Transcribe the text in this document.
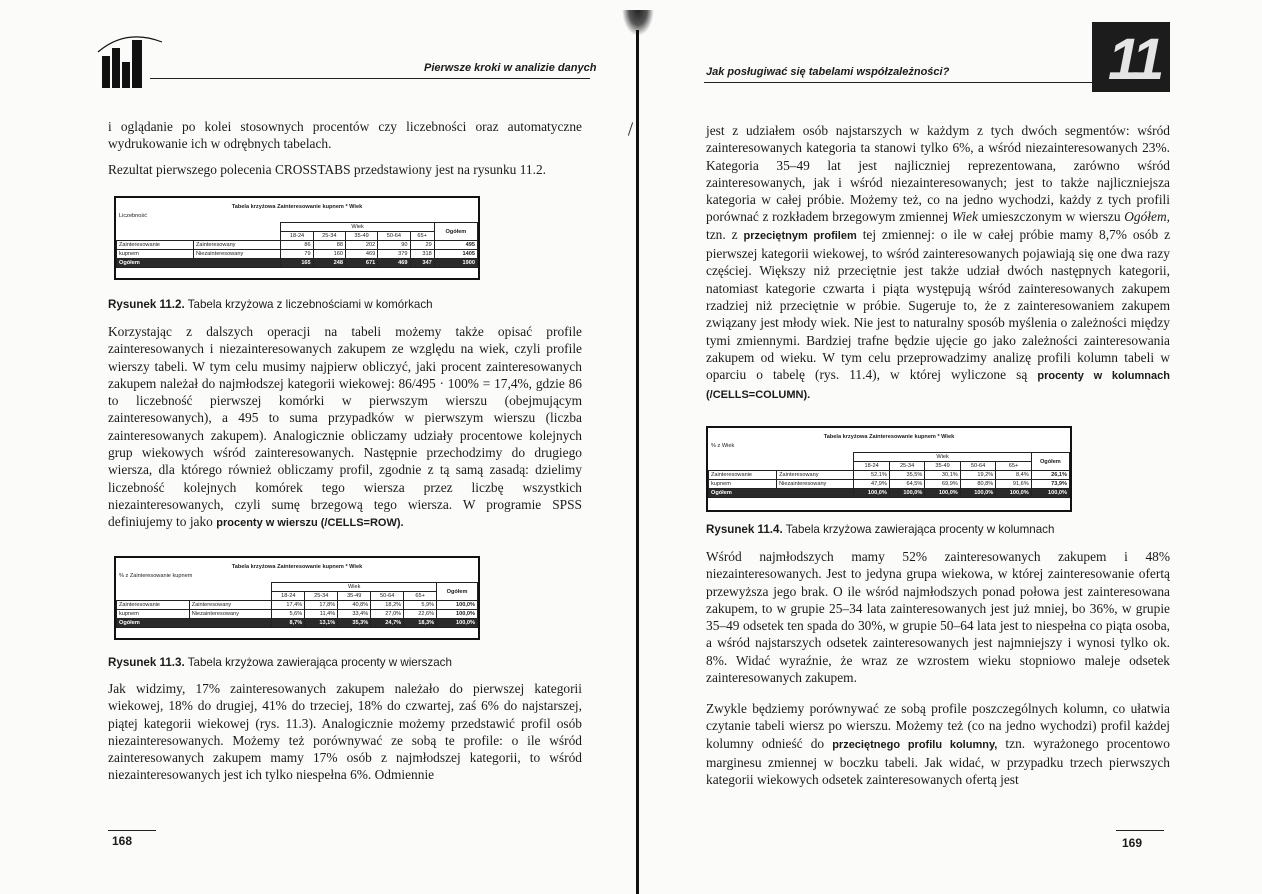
Pierwsze kroki w analizie danych

i oglądanie po kolei stosownych procentów czy liczebności oraz automatyczne wydrukowanie ich w odrębnych tabelach.

Rezultat pierwszego polecenia CROSSTABS przedstawiony jest na rysunku 11.2.

Tabela krzyżowa Zainteresowanie kupnem * Wiek
Liczebność
		Wiek					Ogółem
		18-24	25-34	35-49	50-64	65+	
Zainteresowanie	Zainteresowany	86	88	202	90	29	495
kupnem	Niezainteresowany	79	160	469	379	318	1405
Ogółem		165	248	671	469	347	1900

Rysunek 11.2. Tabela krzyżowa z liczebnościami w komórkach

Korzystając z dalszych operacji na tabeli możemy także opisać profile zainteresowanych i niezainteresowanych zakupem ze względu na wiek, czyli profile wierszy tabeli. W tym celu musimy najpierw obliczyć, jaki procent zainteresowanych zakupem należał do najmłodszej kategorii wiekowej: 86/495 · 100% = 17,4%, gdzie 86 to liczebność pierwszej komórki w pierwszym wierszu (obejmującym zainteresowanych), a 495 to suma przypadków w pierwszym wierszu (liczba zainteresowanych zakupem). Analogicznie obliczamy udziały procentowe kolejnych grup wiekowych wśród zainteresowanych. Następnie przechodzimy do drugiego wiersza, dla którego również obliczamy profil, zgodnie z tą samą zasadą: dzielimy liczebność kolejnych komórek tego wiersza przez liczbę wszystkich niezainteresowanych, czyli sumę brzegową tego wiersza. W programie SPSS definiujemy to jako procenty w wierszu (/CELLS=ROW).

Tabela krzyżowa Zainteresowanie kupnem * Wiek
% z Zainteresowanie kupnem
		Wiek					Ogółem
		18-24	25-34	35-49	50-64	65+	
Zainteresowanie	Zainteresowany	17,4%	17,8%	40,8%	18,2%	5,9%	100,0%
kupnem	Niezainteresowany	5,6%	11,4%	33,4%	27,0%	22,6%	100,0%
Ogółem		8,7%	13,1%	35,3%	24,7%	18,3%	100,0%

Rysunek 11.3. Tabela krzyżowa zawierająca procenty w wierszach

Jak widzimy, 17% zainteresowanych zakupem należało do pierwszej kategorii wiekowej, 18% do drugiej, 41% do trzeciej, 18% do czwartej, zaś 6% do najstarszej, piątej kategorii wiekowej (rys. 11.3). Analogicznie możemy przedstawić profil osób niezainteresowanych. Możemy też porównywać ze sobą te profile: o ile wśród zainteresowanych zakupem mamy 17% osób z najmłodszej kategorii, to wśród niezainteresowanych jest ich tylko niespełna 6%. Odmiennie

168
Jak posługiwać się tabelami współzależności?	11

jest z udziałem osób najstarszych w każdym z tych dwóch segmentów: wśród zainteresowanych kategoria ta stanowi tylko 6%, a wśród niezainteresowanych 23%. Kategoria 35–49 lat jest najliczniej reprezentowana, zarówno wśród zainteresowanych, jak i wśród niezainteresowanych; jest to także najliczniejsza kategoria w całej próbie. Możemy też, co na jedno wychodzi, każdy z tych profili porównać z rozkładem brzegowym zmiennej Wiek umieszczonym w wierszu Ogółem, tzn. z przeciętnym profilem tej zmiennej: o ile w całej próbie mamy 8,7% osób z pierwszej kategorii wiekowej, to wśród zainteresowanych pojawiają się one dwa razy częściej. Większy niż przeciętnie jest także udział dwóch następnych kategorii, natomiast kategorie czwarta i piąta występują wśród zainteresowanych zakupem rzadziej niż przeciętnie w próbie. Sugeruje to, że z zainteresowaniem zakupem związany jest młody wiek. Nie jest to naturalny sposób myślenia o zależności między tymi zmiennymi. Bardziej trafne będzie ujęcie go jako zależności zainteresowania zakupem od wieku. W tym celu przeprowadzimy analizę profili kolumn tabeli w oparciu o tabelę (rys. 11.4), w której wyliczone są procenty w kolumnach (/CELLS=COLUMN).

Tabela krzyżowa Zainteresowanie kupnem * Wiek
% z Wiek
		Wiek					Ogółem
		18-24	25-34	35-49	50-64	65+	
Zainteresowanie	Zainteresowany	52,1%	35,5%	30,1%	19,2%	8,4%	26,1%
kupnem	Niezainteresowany	47,9%	64,5%	69,9%	80,8%	91,6%	73,9%
Ogółem		100,0%	100,0%	100,0%	100,0%	100,0%	100,0%

Rysunek 11.4. Tabela krzyżowa zawierająca procenty w kolumnach

Wśród najmłodszych mamy 52% zainteresowanych zakupem i 48% niezainteresowanych. Jest to jedyna grupa wiekowa, w której zainteresowanie ofertą przewyższa jego brak. O ile wśród najmłodszych ponad połowa jest zainteresowana zakupem, to w grupie 25–34 lata zainteresowanych jest już mniej, bo 36%, w grupie 35–49 odsetek ten spada do 30%, w grupie 50–64 lata jest to niespełna co piąta osoba, a wśród najstarszych odsetek zainteresowanych jest najmniejszy i wynosi tylko ok. 8%. Widać wyraźnie, że wraz ze wzrostem wieku stopniowo maleje odsetek zainteresowanych zakupem.

Zwykle będziemy porównywać ze sobą profile poszczególnych kolumn, co ułatwia czytanie tabeli wiersz po wierszu. Możemy też (co na jedno wychodzi) profil każdej kolumny odnieść do przeciętnego profilu kolumny, tzn. wyrażonego procentowo marginesu zmiennej w boczku tabeli. Jak widać, w przypadku trzech pierwszych kategorii wiekowych odsetek zainteresowanych ofertą jest

169
